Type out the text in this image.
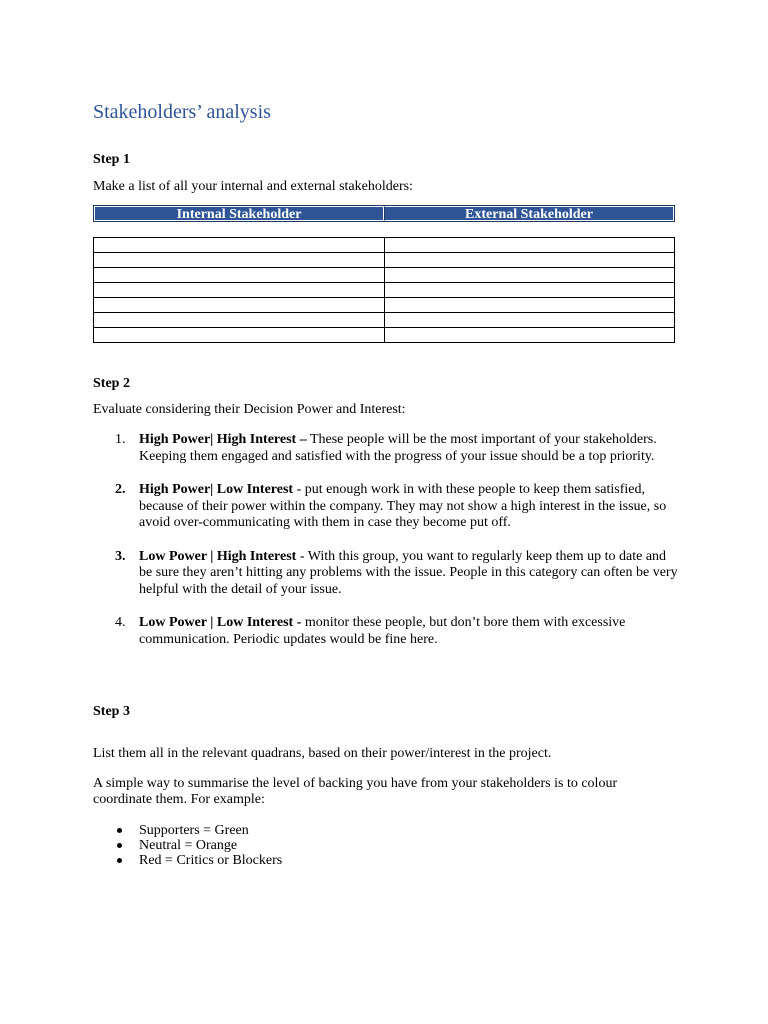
Stakeholders’ analysis
Step 1
Make a list of all your internal and external stakeholders:
Internal Stakeholder	External Stakeholder

Step 2
Evaluate considering their Decision Power and Interest:
1. High Power| High Interest – These people will be the most important of your stakeholders. Keeping them engaged and satisfied with the progress of your issue should be a top priority.
2. High Power| Low Interest - put enough work in with these people to keep them satisfied, because of their power within the company. They may not show a high interest in the issue, so avoid over-communicating with them in case they become put off.
3. Low Power | High Interest - With this group, you want to regularly keep them up to date and be sure they aren’t hitting any problems with the issue. People in this category can often be very helpful with the detail of your issue.
4. Low Power | Low Interest - monitor these people, but don’t bore them with excessive communication. Periodic updates would be fine here.
Step 3
List them all in the relevant quadrans, based on their power/interest in the project.
A simple way to summarise the level of backing you have from your stakeholders is to colour coordinate them. For example:
Supporters = Green
Neutral = Orange
Red = Critics or Blockers
